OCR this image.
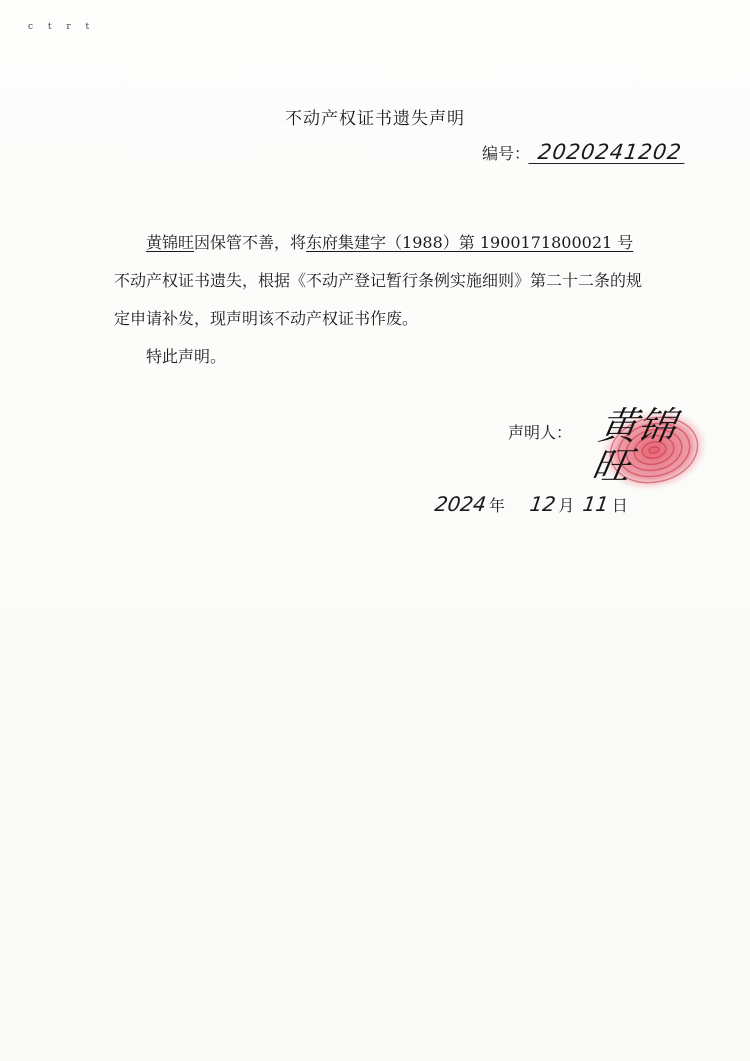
c t r t
不动产权证书遗失声明
编号： 2020241202

黄锦旺因保管不善，将东府集建字（1988）第 1900171800021 号不动产权证书遗失，根据《不动产登记暂行条例实施细则》第二十二条的规定申请补发，现声明该不动产权证书作废。

特此声明。

声明人： 黄锦旺
2024 年 12 月 11 日
